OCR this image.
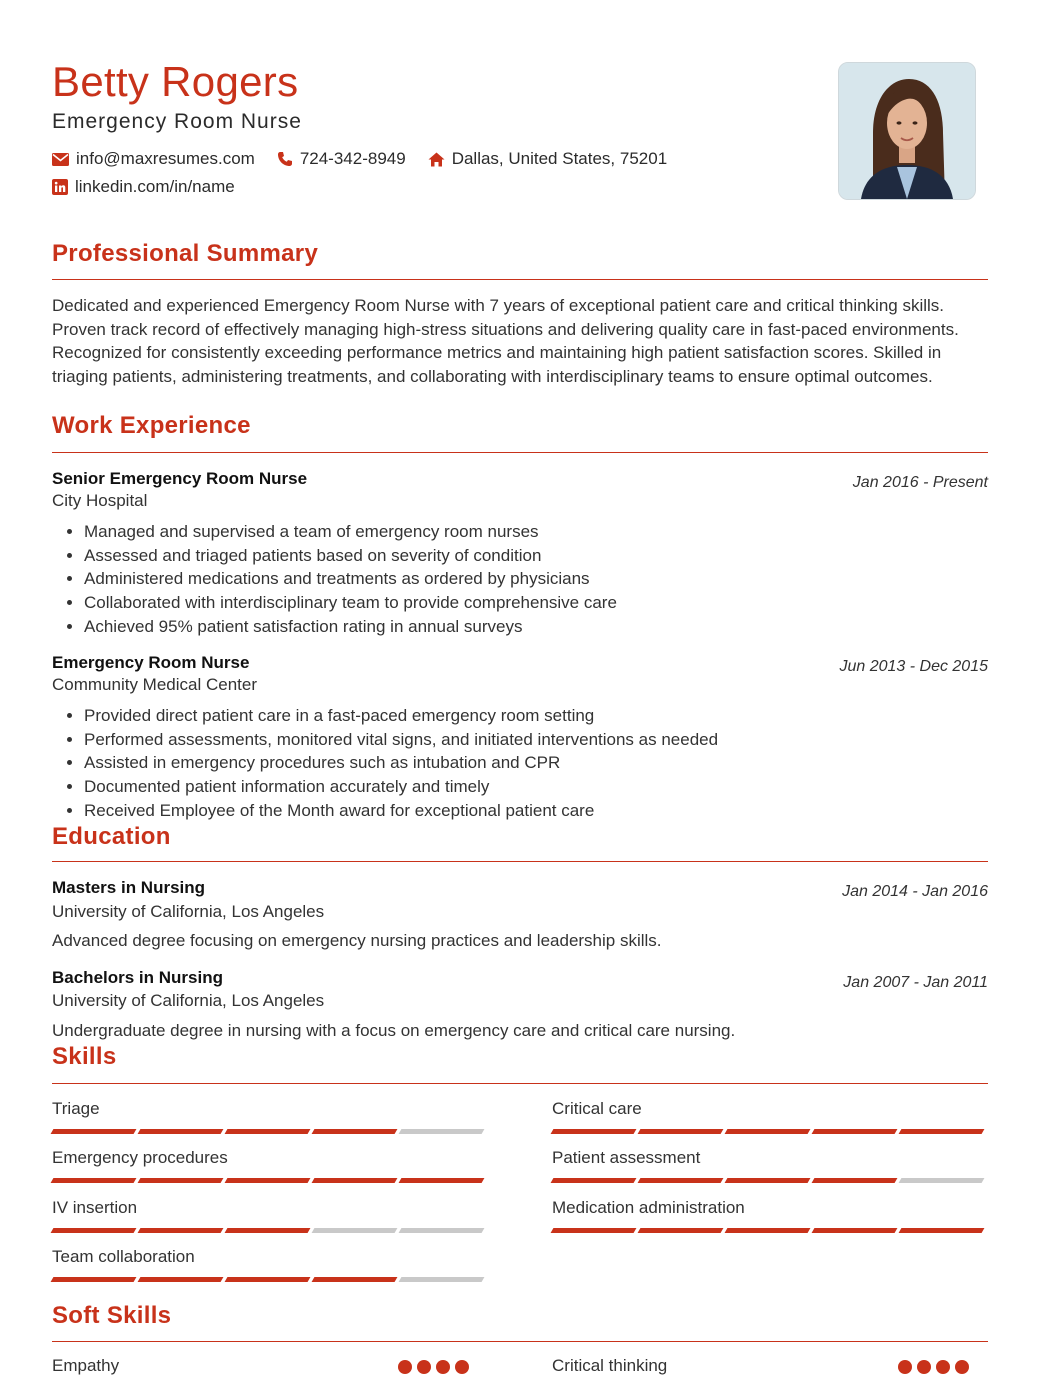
Betty Rogers
Emergency Room Nurse
info@maxresumes.com	724-342-8949	Dallas, United States, 75201
linkedin.com/in/name
Professional Summary
Dedicated and experienced Emergency Room Nurse with 7 years of exceptional patient care and critical thinking skills. Proven track record of effectively managing high-stress situations and delivering quality care in fast-paced environments. Recognized for consistently exceeding performance metrics and maintaining high patient satisfaction scores. Skilled in triaging patients, administering treatments, and collaborating with interdisciplinary teams to ensure optimal outcomes.
Work Experience
Senior Emergency Room Nurse	Jan 2016 - Present
City Hospital
• Managed and supervised a team of emergency room nurses
• Assessed and triaged patients based on severity of condition
• Administered medications and treatments as ordered by physicians
• Collaborated with interdisciplinary team to provide comprehensive care
• Achieved 95% patient satisfaction rating in annual surveys
Emergency Room Nurse	Jun 2013 - Dec 2015
Community Medical Center
• Provided direct patient care in a fast-paced emergency room setting
• Performed assessments, monitored vital signs, and initiated interventions as needed
• Assisted in emergency procedures such as intubation and CPR
• Documented patient information accurately and timely
• Received Employee of the Month award for exceptional patient care
Education
Masters in Nursing	Jan 2014 - Jan 2016
University of California, Los Angeles
Advanced degree focusing on emergency nursing practices and leadership skills.
Bachelors in Nursing	Jan 2007 - Jan 2011
University of California, Los Angeles
Undergraduate degree in nursing with a focus on emergency care and critical care nursing.
Skills
Triage	Critical care
Emergency procedures	Patient assessment
IV insertion	Medication administration
Team collaboration
Soft Skills
Empathy	Critical thinking
